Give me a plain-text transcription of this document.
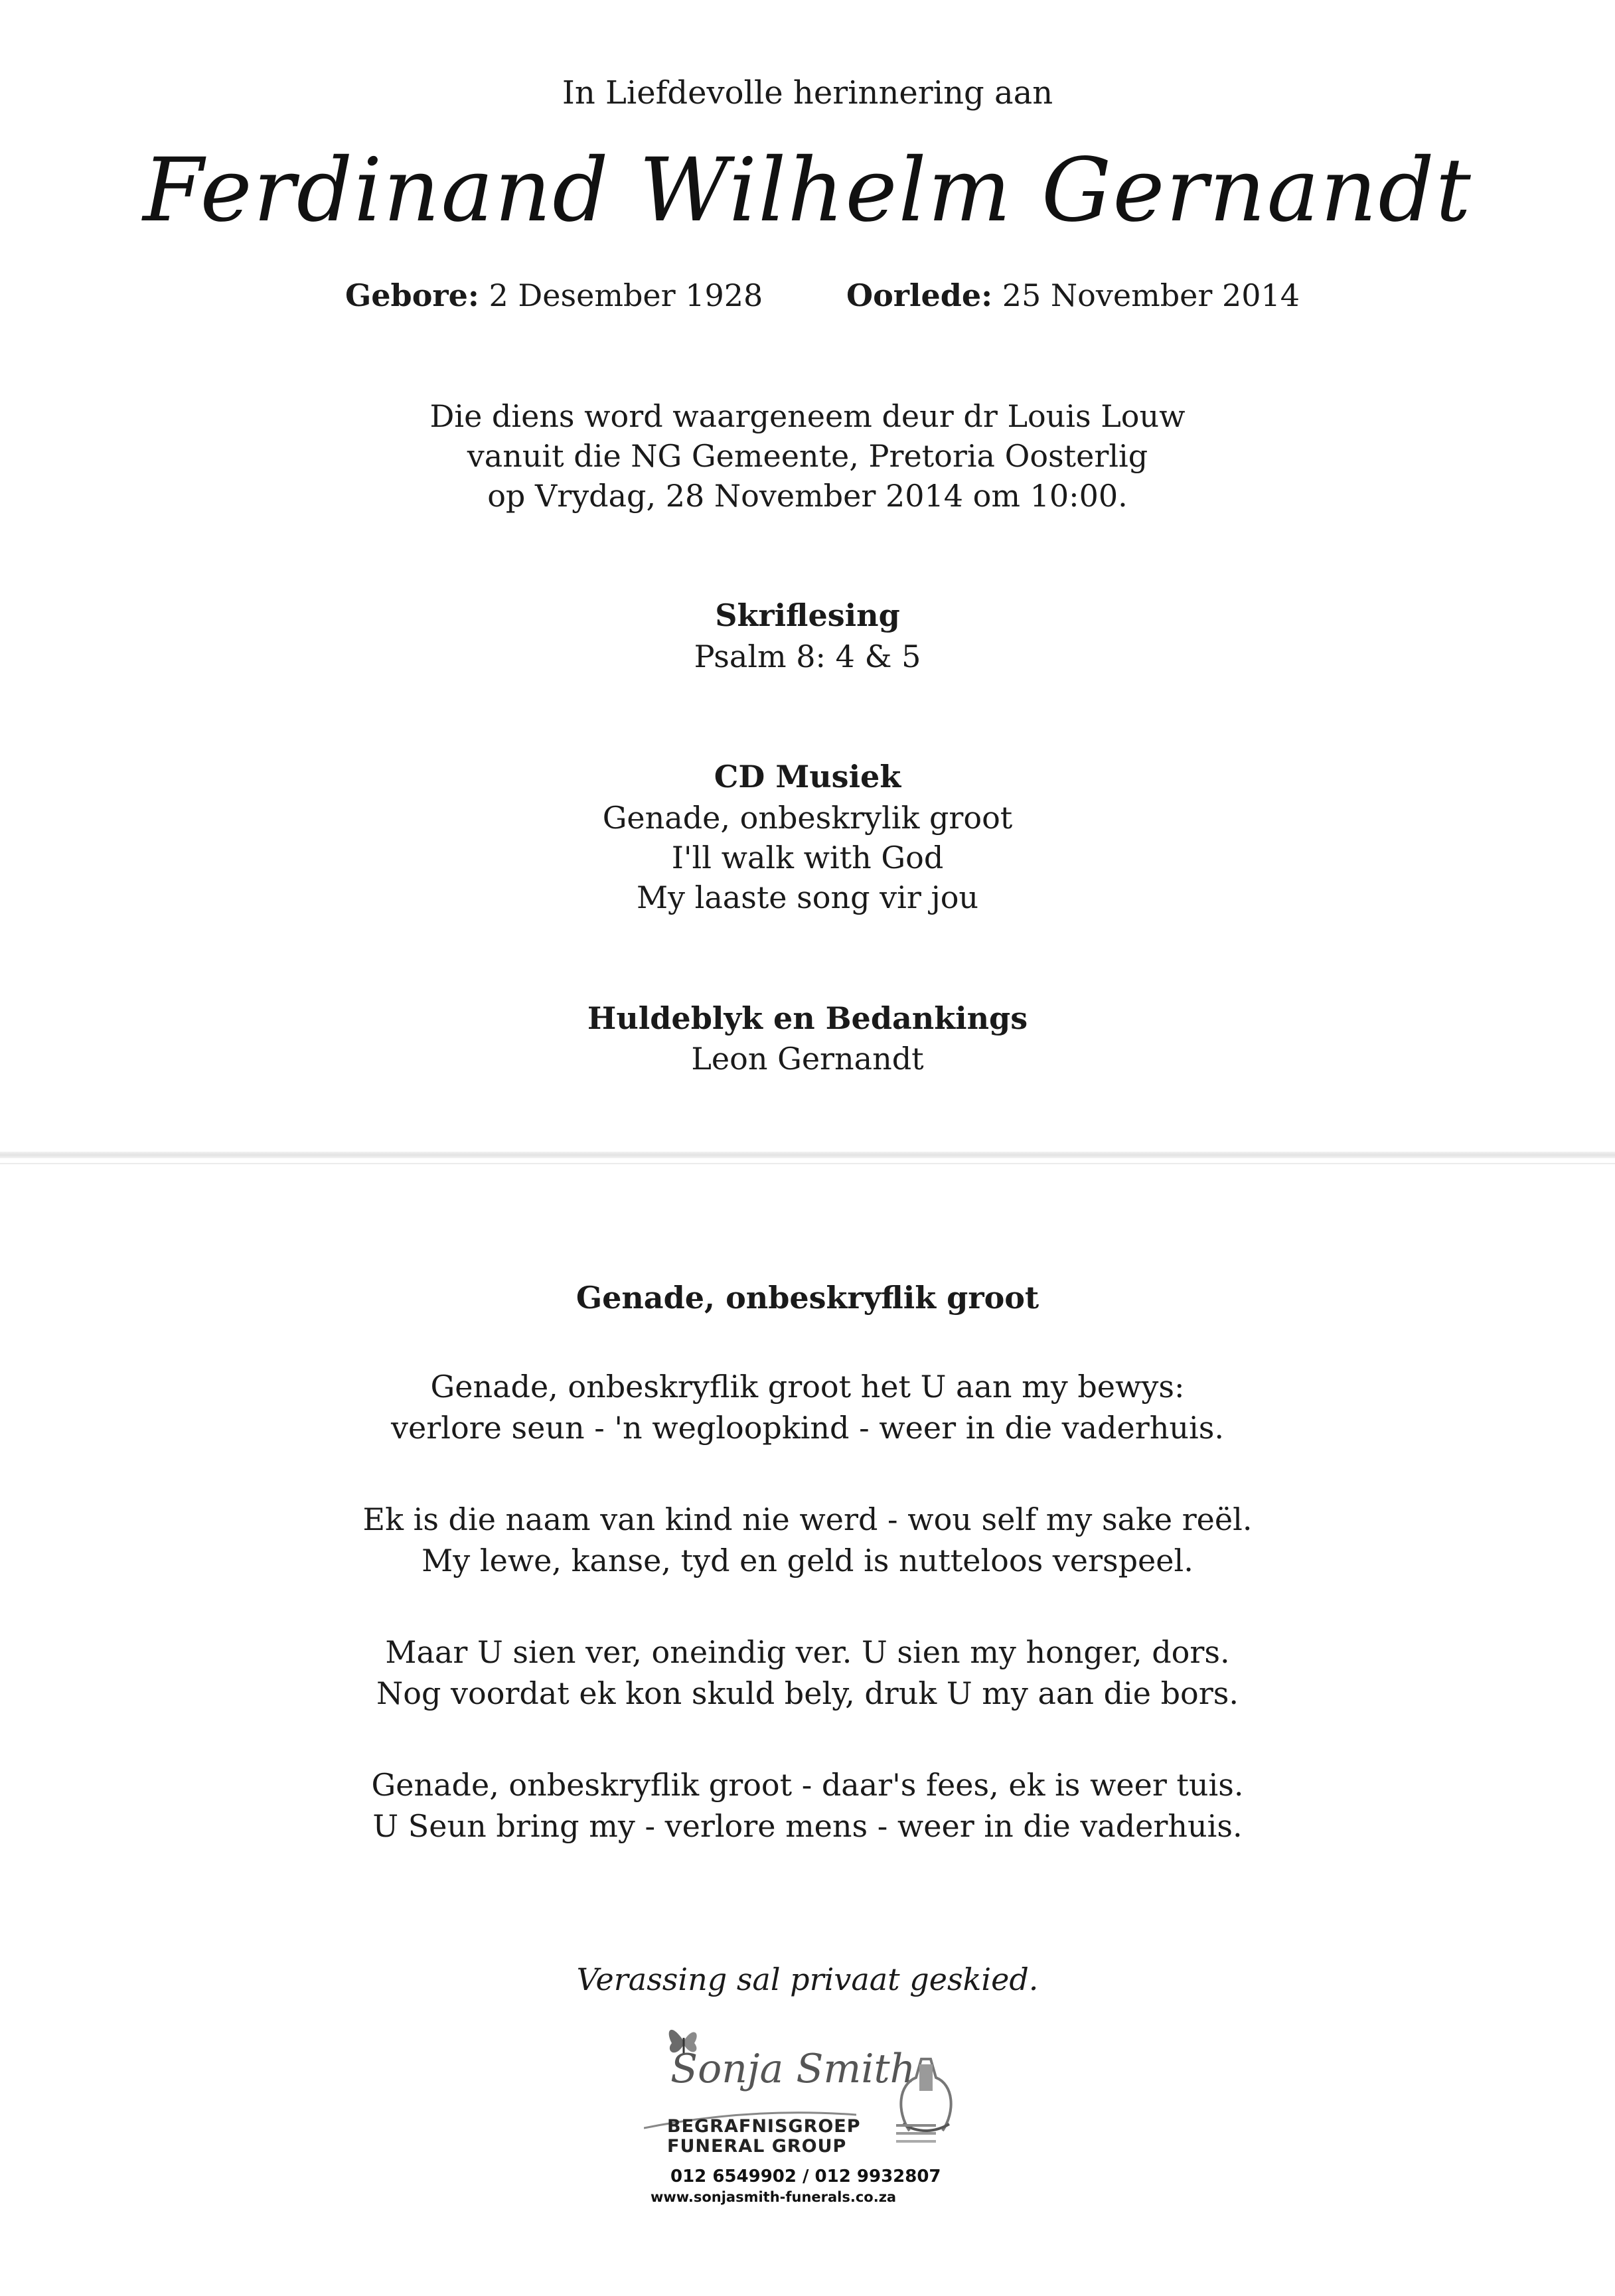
In Liefdevolle herinnering aan
Ferdinand Wilhelm Gernandt
Gebore: 2 Desember 1928	Oorlede: 25 November 2014
Die diens word waargeneem deur dr Louis Louw
vanuit die NG Gemeente, Pretoria Oosterlig
op Vrydag, 28 November 2014 om 10:00.
Skriflesing
Psalm 8: 4 & 5
CD Musiek
Genade, onbeskrylik groot
I'll walk with God
My laaste song vir jou
Huldeblyk en Bedankings
Leon Gernandt
Genade, onbeskryflik groot
Genade, onbeskryflik groot het U aan my bewys:
verlore seun - 'n wegloopkind - weer in die vaderhuis.
Ek is die naam van kind nie werd - wou self my sake reël.
My lewe, kanse, tyd en geld is nutteloos verspeel.
Maar U sien ver, oneindig ver. U sien my honger, dors.
Nog voordat ek kon skuld bely, druk U my aan die bors.
Genade, onbeskryflik groot - daar's fees, ek is weer tuis.
U Seun bring my - verlore mens - weer in die vaderhuis.
Verassing sal privaat geskied.
Sonja Smith
BEGRAFNISGROEP
FUNERAL GROUP
012 6549902 / 012 9932807
www.sonjasmith-funerals.co.za
